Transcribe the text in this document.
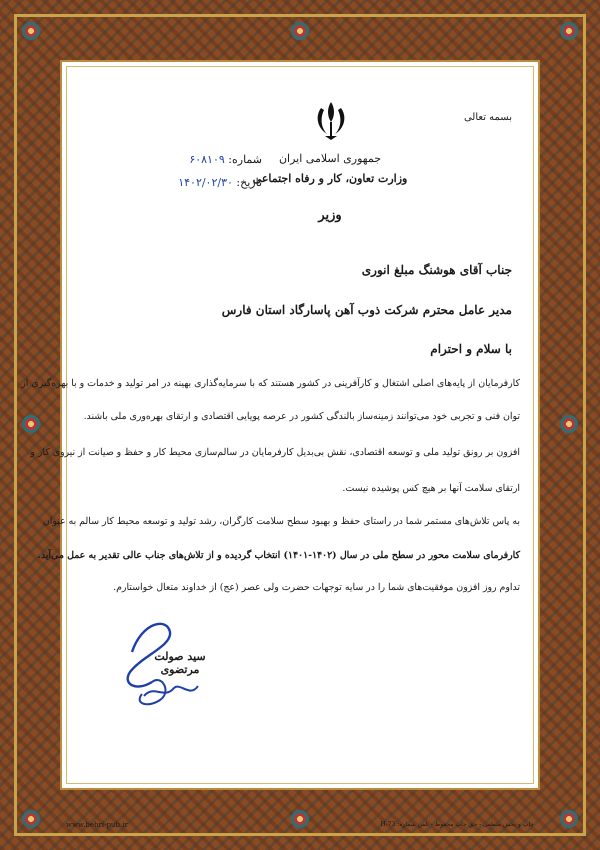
بسمه تعالی
جمهوری اسلامی ایران
وزارت تعاون، کار و رفاه اجتماعی
وزیر
شماره: ۶۰۸۱۰۹
تاریخ: ۱۴۰۲/۰۲/۳۰
جناب آقای هوشنگ مبلغ انوری
مدیر عامل محترم شرکت ذوب آهن پاسارگاد استان فارس
با سلام و احترام
کارفرمایان از پایه‌های اصلی اشتغال و کارآفرینی در کشور هستند که با سرمایه‌گذاری بهینه در امر تولید و خدمات و با بهره‌گیری از
توان فنی و تجربی خود می‌توانند زمینه‌ساز بالندگی کشور در عرصه پویایی اقتصادی و ارتقای بهره‌وری ملی باشند.
افزون بر رونق تولید ملی و توسعه اقتصادی، نقش بی‌بدیل کارفرمایان در سالم‌سازی محیط کار و حفظ و صیانت از نیروی کار و
ارتقای سلامت آنها بر هیچ کس پوشیده نیست.
به پاس تلاش‌های مستمر شما در راستای حفظ و بهبود سطح سلامت کارگران، رشد تولید و توسعه محیط کار سالم به عنوان
کارفرمای سلامت محور در سطح ملی در سال (۱۴۰۲-۱۴۰۱) انتخاب گردیده و از تلاش‌های جناب عالی تقدیر به عمل می‌آید.
تداوم روز افزون موفقیت‌های شما را در سایه توجهات حضرت ولی عصر (عج) از خداوند متعال خواستارم.
سید صولت مرتضوی
www.behri-pub.ir	چاپ و پخش منطقی - حق چاپ محفوظ - تلفن شماره: 73-H
